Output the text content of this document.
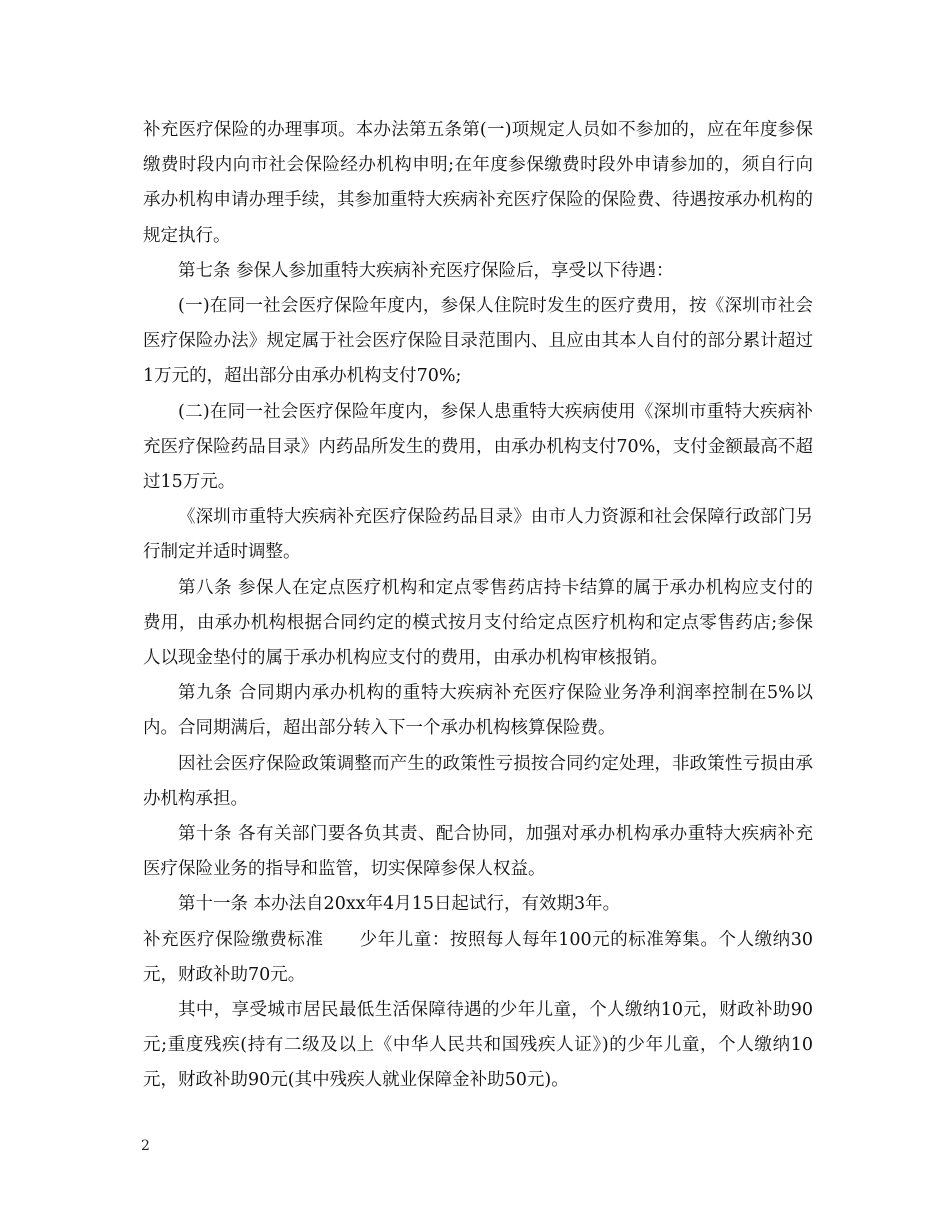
补充医疗保险的办理事项。本办法第五条第(一)项规定人员如不参加的，应在年度参保缴费时段内向市社会保险经办机构申明;在年度参保缴费时段外申请参加的，须自行向承办机构申请办理手续，其参加重特大疾病补充医疗保险的保险费、待遇按承办机构的规定执行。

第七条 参保人参加重特大疾病补充医疗保险后，享受以下待遇：

(一)在同一社会医疗保险年度内，参保人住院时发生的医疗费用，按《深圳市社会医疗保险办法》规定属于社会医疗保险目录范围内、且应由其本人自付的部分累计超过1万元的，超出部分由承办机构支付70%;

(二)在同一社会医疗保险年度内，参保人患重特大疾病使用《深圳市重特大疾病补充医疗保险药品目录》内药品所发生的费用，由承办机构支付70%，支付金额最高不超过15万元。

《深圳市重特大疾病补充医疗保险药品目录》由市人力资源和社会保障行政部门另行制定并适时调整。

第八条 参保人在定点医疗机构和定点零售药店持卡结算的属于承办机构应支付的费用，由承办机构根据合同约定的模式按月支付给定点医疗机构和定点零售药店;参保人以现金垫付的属于承办机构应支付的费用，由承办机构审核报销。

第九条 合同期内承办机构的重特大疾病补充医疗保险业务净利润率控制在5%以内。合同期满后，超出部分转入下一个承办机构核算保险费。

因社会医疗保险政策调整而产生的政策性亏损按合同约定处理，非政策性亏损由承办机构承担。

第十条 各有关部门要各负其责、配合协同，加强对承办机构承办重特大疾病补充医疗保险业务的指导和监管，切实保障参保人权益。

第十一条 本办法自20xx年4月15日起试行，有效期3年。

补充医疗保险缴费标准　　少年儿童：按照每人每年100元的标准筹集。个人缴纳30元，财政补助70元。

其中，享受城市居民最低生活保障待遇的少年儿童，个人缴纳10元，财政补助90元;重度残疾(持有二级及以上《中华人民共和国残疾人证》)的少年儿童，个人缴纳10元，财政补助90元(其中残疾人就业保障金补助50元)。

2
